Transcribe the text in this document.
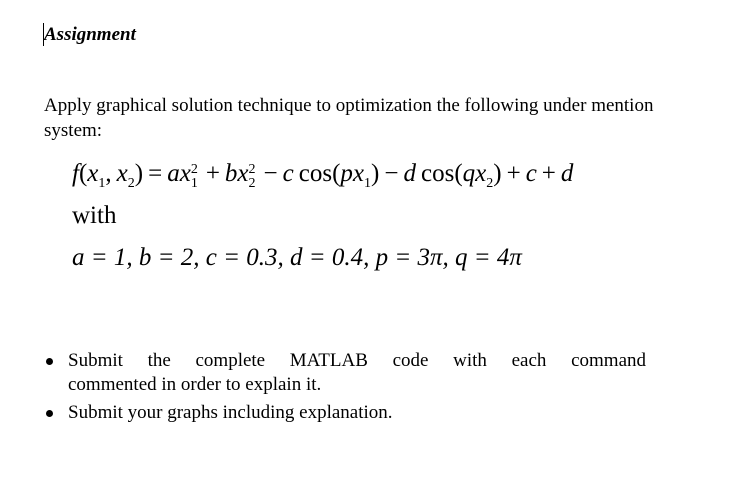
Assignment
Apply graphical solution technique to optimization the following under mention system:
$f(x_1$, $x_2$) = ax 2
1  + bx 2
2  − c  $\cos(px_1) - d$  $\cos(qx_2) + c + d$
with
a = 1, b = 2, c = 0.3, d = 0.4, p = 3π, q = 4π
Submit the complete MATLAB code with each command
commented in order to explain it.
Submit your graphs including explanation.
